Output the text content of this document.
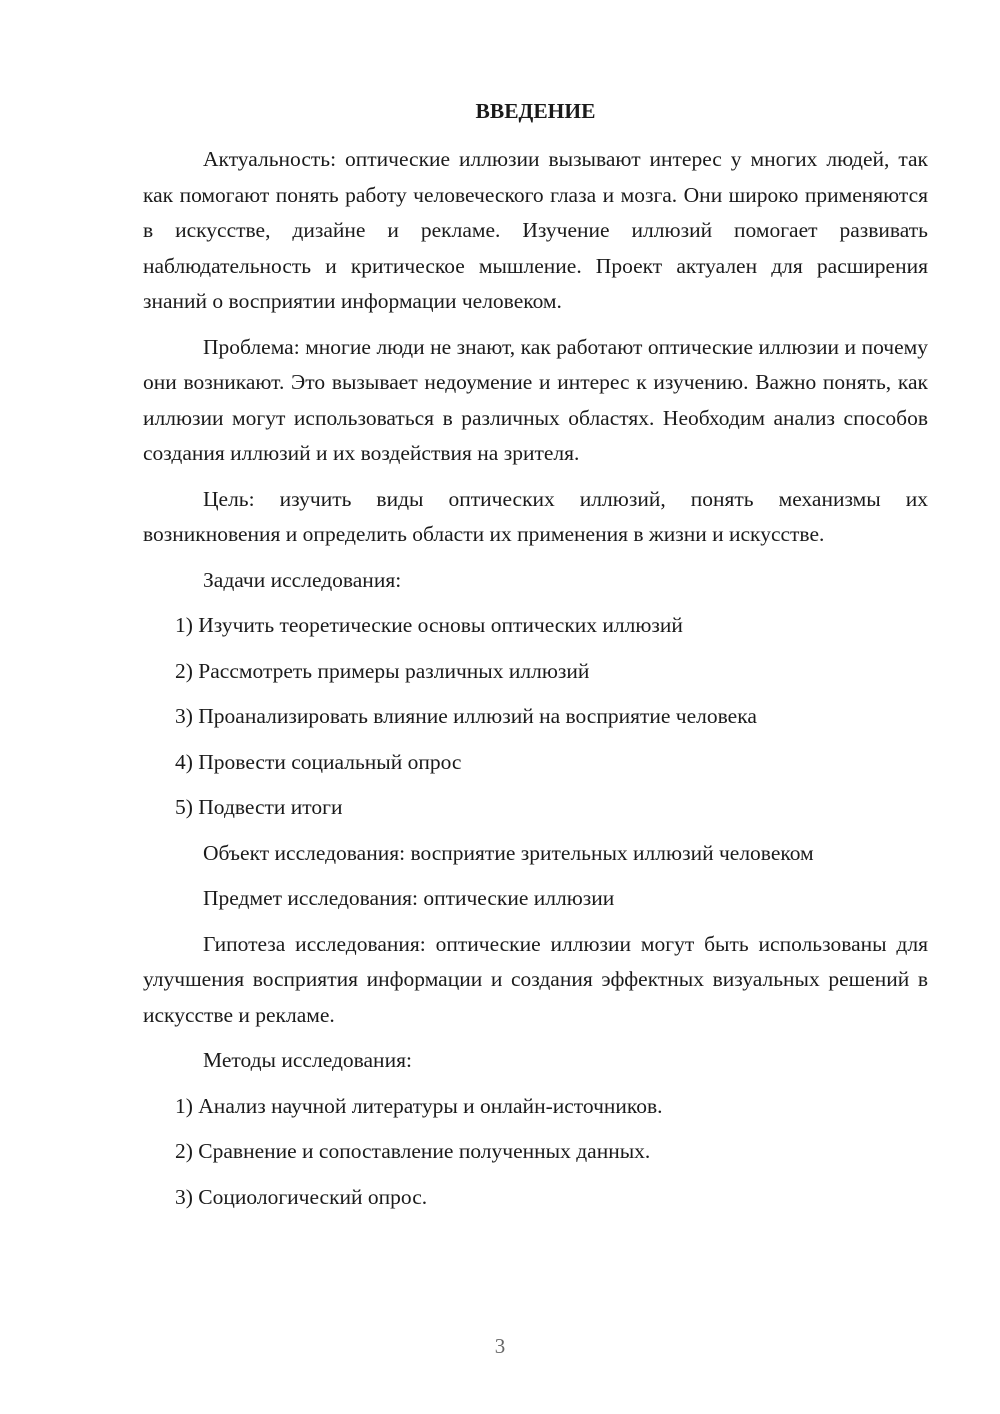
ВВЕДЕНИЕ
Актуальность: оптические иллюзии вызывают интерес у многих людей, так как помогают понять работу человеческого глаза и мозга. Они широко применяются в искусстве, дизайне и рекламе. Изучение иллюзий помогает развивать наблюдательность и критическое мышление. Проект актуален для расширения знаний о восприятии информации человеком.
Проблема: многие люди не знают, как работают оптические иллюзии и почему они возникают. Это вызывает недоумение и интерес к изучению. Важно понять, как иллюзии могут использоваться в различных областях. Необходим анализ способов создания иллюзий и их воздействия на зрителя.
Цель: изучить виды оптических иллюзий, понять механизмы их возникновения и определить области их применения в жизни и искусстве.
Задачи исследования:
1) Изучить теоретические основы оптических иллюзий
2) Рассмотреть примеры различных иллюзий
3) Проанализировать влияние иллюзий на восприятие человека
4) Провести социальный опрос
5) Подвести итоги
Объект исследования: восприятие зрительных иллюзий человеком
Предмет исследования: оптические иллюзии
Гипотеза исследования: оптические иллюзии могут быть использованы для улучшения восприятия информации и создания эффектных визуальных решений в искусстве и рекламе.
Методы исследования:
1) Анализ научной литературы и онлайн-источников.
2) Сравнение и сопоставление полученных данных.
3) Социологический опрос.
3
